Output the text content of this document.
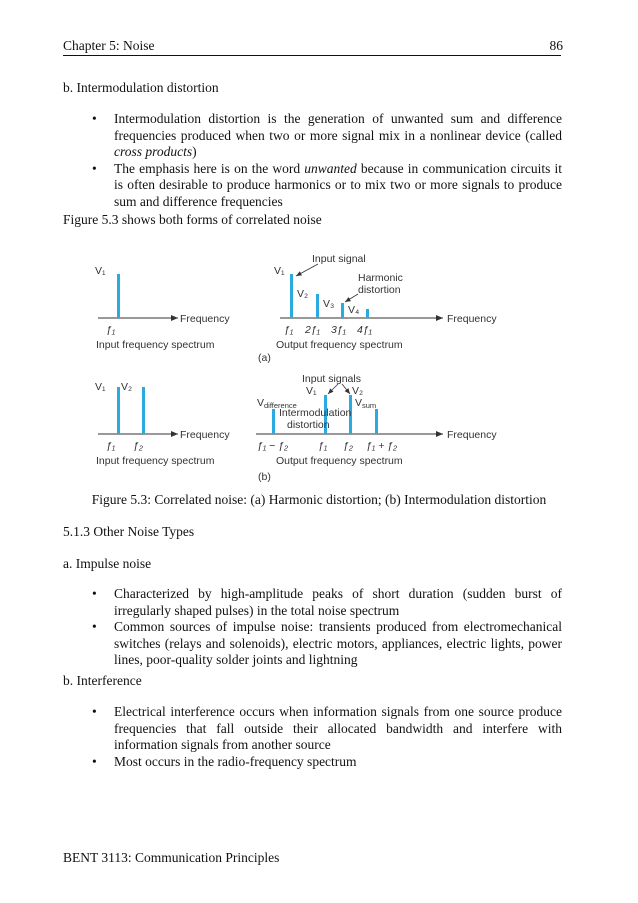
Chapter 5: Noise	86
b. Intermodulation distortion
• Intermodulation distortion is the generation of unwanted sum and difference frequencies produced when two or more signal mix in a nonlinear device (called cross products)
• The emphasis here is on the word unwanted because in communication circuits it is often desirable to produce harmonics or to mix two or more signals to produce sum and difference frequencies
Figure 5.3 shows both forms of correlated noise
V₁
ƒ₁
Frequency
Input frequency spectrum
V₁
V₂
V₃ V₄
ƒ₁ 2ƒ₁ 3ƒ₁ 4ƒ₁
Frequency
Output frequency spectrum
(a)
Input signal
Harmonic
distortion
V₁ V₂
ƒ₁ ƒ₂
Frequency
Input frequency spectrum
Input signals
V₁	V₂
Vdifference	Vsum
Intermodulation
distortion
ƒ₁ − ƒ₂	ƒ₁ ƒ₂ ƒ₁ + ƒ₂
Frequency
Output frequency spectrum
(b)
Figure 5.3: Correlated noise: (a) Harmonic distortion; (b) Intermodulation distortion
5.1.3 Other Noise Types
a. Impulse noise
• Characterized by high-amplitude peaks of short duration (sudden burst of irregularly shaped pulses) in the total noise spectrum
• Common sources of impulse noise: transients produced from electromechanical switches (relays and solenoids), electric motors, appliances, electric lights, power lines, poor-quality solder joints and lightning
b. Interference
• Electrical interference occurs when information signals from one source produce frequencies that fall outside their allocated bandwidth and interfere with information signals from another source
• Most occurs in the radio-frequency spectrum
BENT 3113: Communication Principles
